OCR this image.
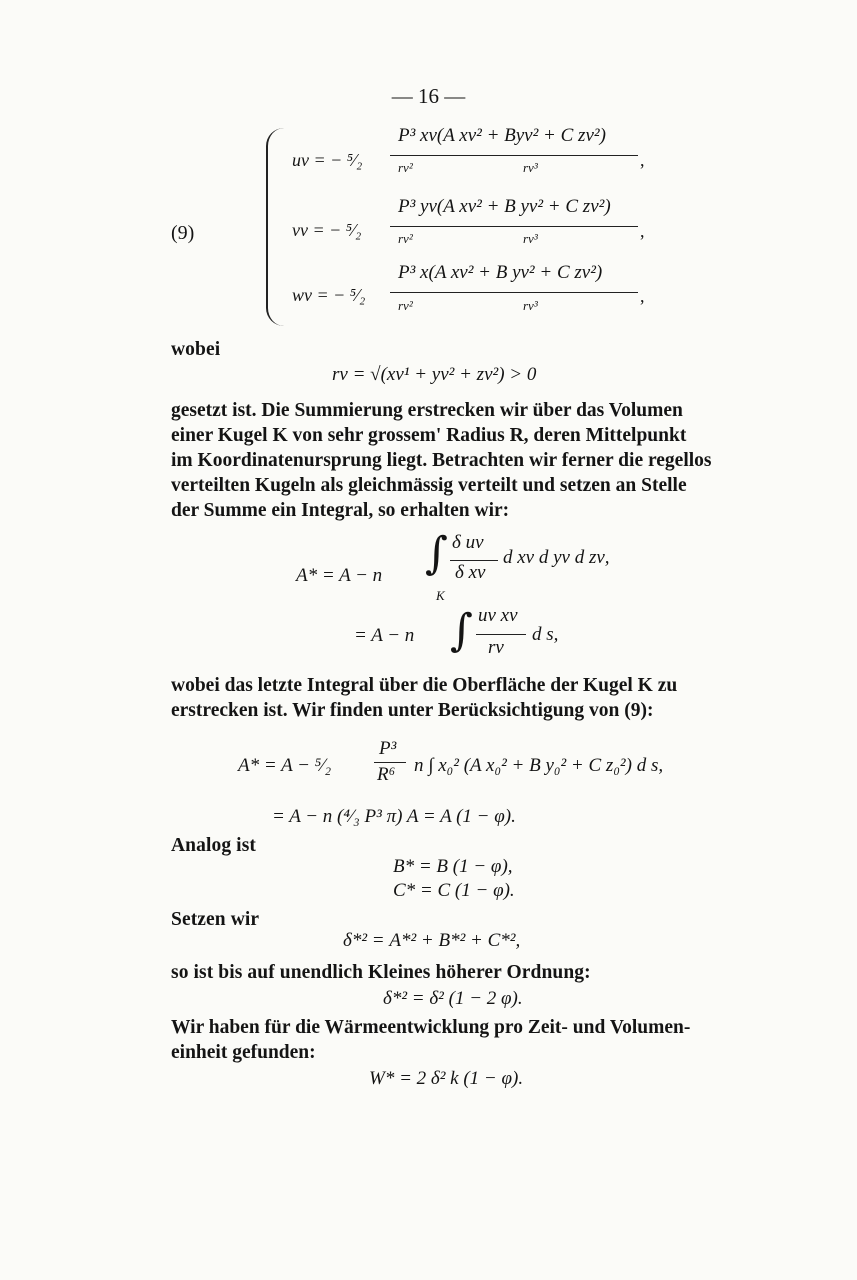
— 16 —
(9)
uν = − ⁵⁄₂
P³ xν(A xν² + Byν² + C zν²)
rν²	rν³	,
vν = − ⁵⁄₂
P³ yν(A xν² + B yν² + C zν²)
rν²	rν³	,
wν = − ⁵⁄₂
P³ x(A xν² + B yν² + C zν²)
rν²	rν³	,
wobei
rν = √(xν¹ + yν² + zν²) > 0

gesetzt ist. Die Summierung erstrecken wir über das Volumen

einer Kugel K von sehr grossem' Radius R, deren Mittelpunkt

im Koordinatenursprung liegt. Betrachten wir ferner die regellos

verteilten Kugeln als gleichmässig verteilt und setzen an Stelle

der Summe ein Integral, so erhalten wir:

A* = A − n ∫ δ uν
δ xν
d xν d yν d zν,
K
= A − n ∫ uν xν
rν
d s,

wobei das letzte Integral über die Oberfläche der Kugel K zu

erstrecken ist. Wir finden unter Berücksichtigung von (9):

A* = A − ⁵⁄₂
P³
R⁶ n ∫ x₀² (A x₀² + B y₀² + C z₀²) d s,
= A − n (⁴⁄₃ P³ π) A = A (1 − φ).
Analog ist
B* = B (1 − φ),
C* = C (1 − φ).
Setzen wir
δ*² = A*² + B*² + C*²,
so ist bis auf unendlich Kleines höherer Ordnung:
δ*² = δ² (1 − 2 φ).

Wir haben für die Wärmeentwicklung pro Zeit- und Volumen-

einheit gefunden:

W* = 2 δ² k (1 − φ).
